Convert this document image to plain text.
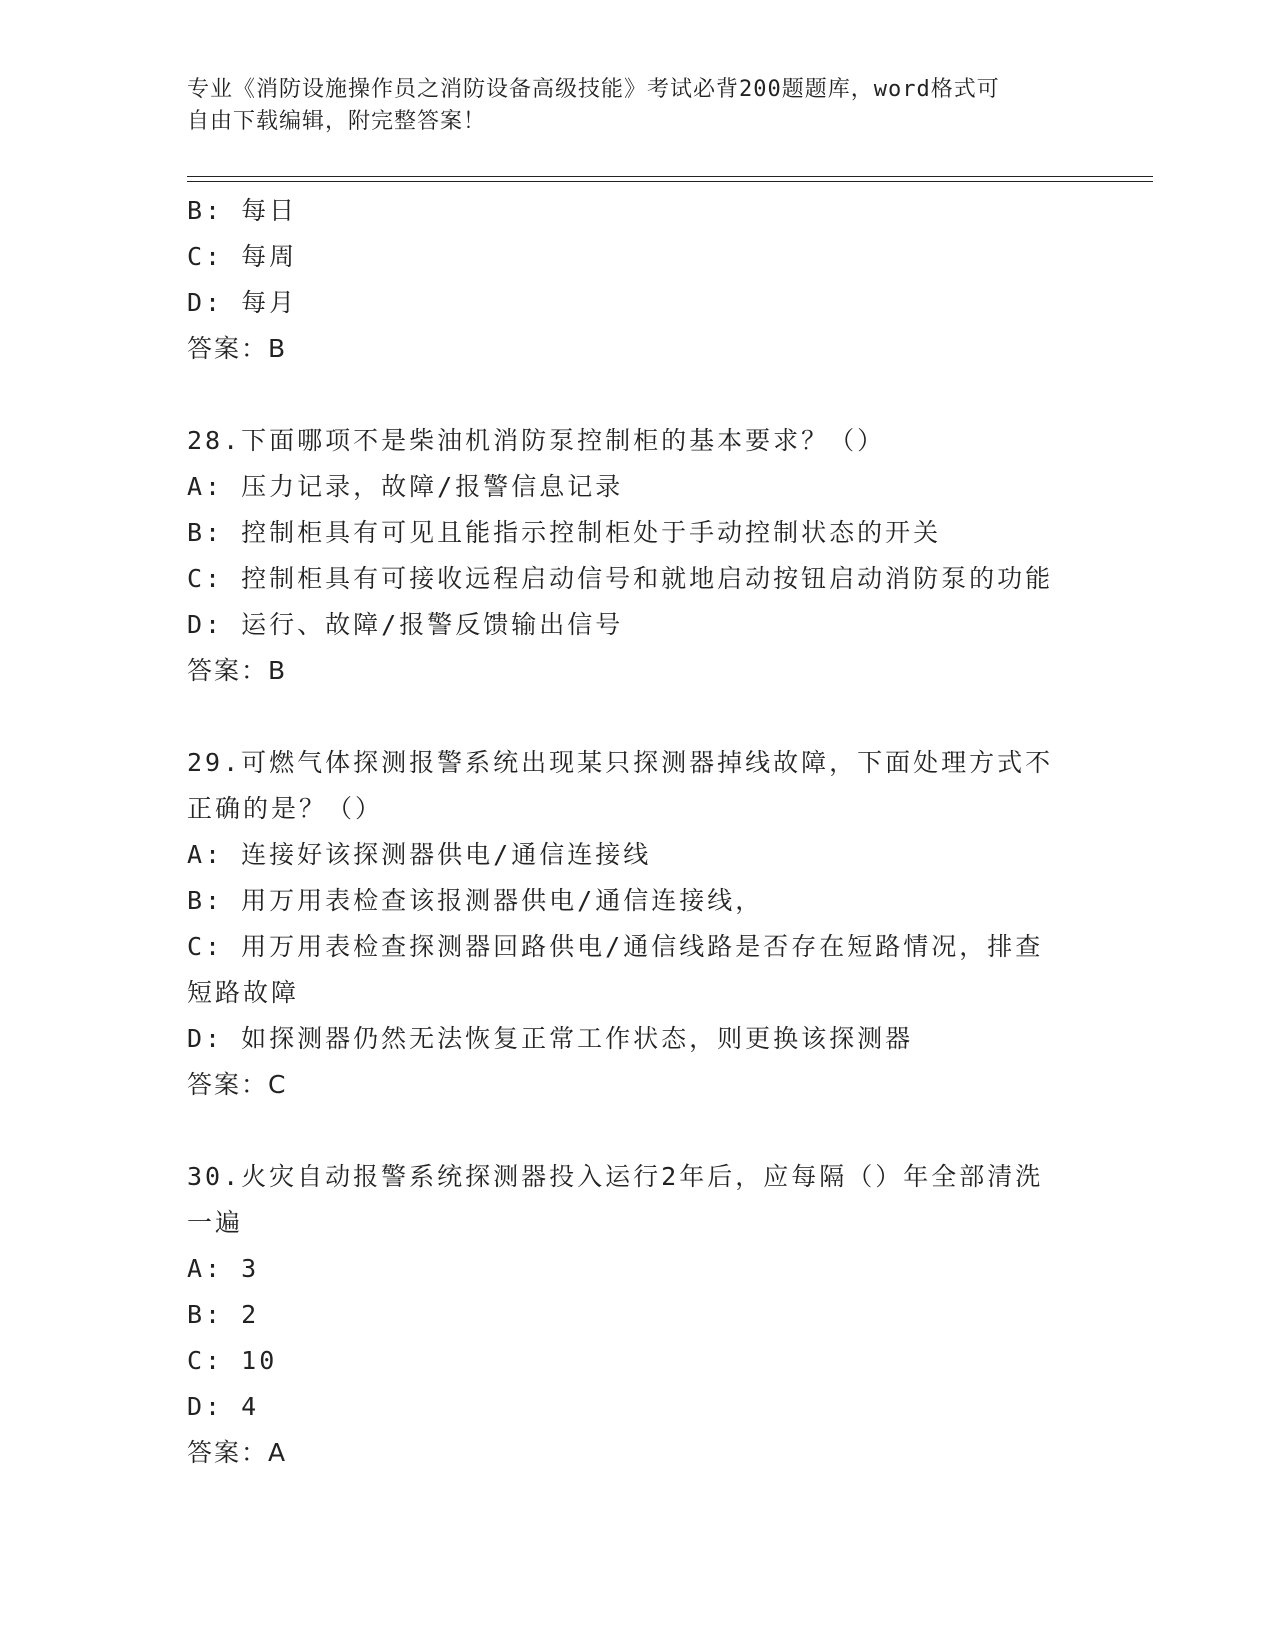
专业《消防设施操作员之消防设备高级技能》考试必背200题题库，word格式可
自由下载编辑，附完整答案！
B: 每日
C: 每周
D: 每月
答案：B
28.下面哪项不是柴油机消防泵控制柜的基本要求？（）
A: 压力记录，故障/报警信息记录
B: 控制柜具有可见且能指示控制柜处于手动控制状态的开关
C: 控制柜具有可接收远程启动信号和就地启动按钮启动消防泵的功能
D: 运行、故障/报警反馈输出信号
答案：B
29.可燃气体探测报警系统出现某只探测器掉线故障，下面处理方式不
正确的是？（）
A: 连接好该探测器供电/通信连接线
B: 用万用表检查该报测器供电/通信连接线，
C: 用万用表检查探测器回路供电/通信线路是否存在短路情况，排查
短路故障
D: 如探测器仍然无法恢复正常工作状态，则更换该探测器
答案：C
30.火灾自动报警系统探测器投入运行2年后，应每隔（）年全部清洗
一遍
A: 3
B: 2
C: 10
D: 4
答案：A
